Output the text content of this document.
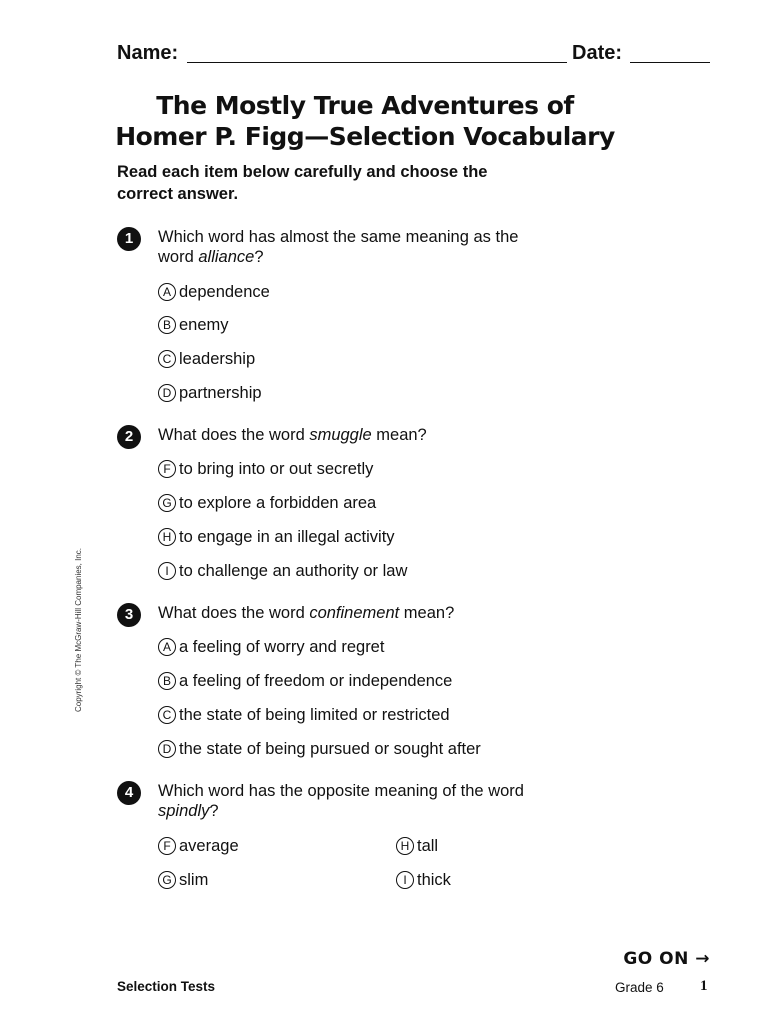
Name:	Date:
The Mostly True Adventures of
Homer P. Figg—Selection Vocabulary
Read each item below carefully and choose the correct answer.
1	Which word has almost the same meaning as the word alliance?
A dependence
B enemy
C leadership
D partnership
2	What does the word smuggle mean?
F to bring into or out secretly
G to explore a forbidden area
H to engage in an illegal activity
I to challenge an authority or law
3	What does the word confinement mean?
A a feeling of worry and regret
B a feeling of freedom or independence
C the state of being limited or restricted
D the state of being pursued or sought after
4	Which word has the opposite meaning of the word spindly?
F average
G slim
H tall
I thick
Copyright © The McGraw-Hill Companies, Inc.
GO ON →
Selection Tests	Grade 6 1
